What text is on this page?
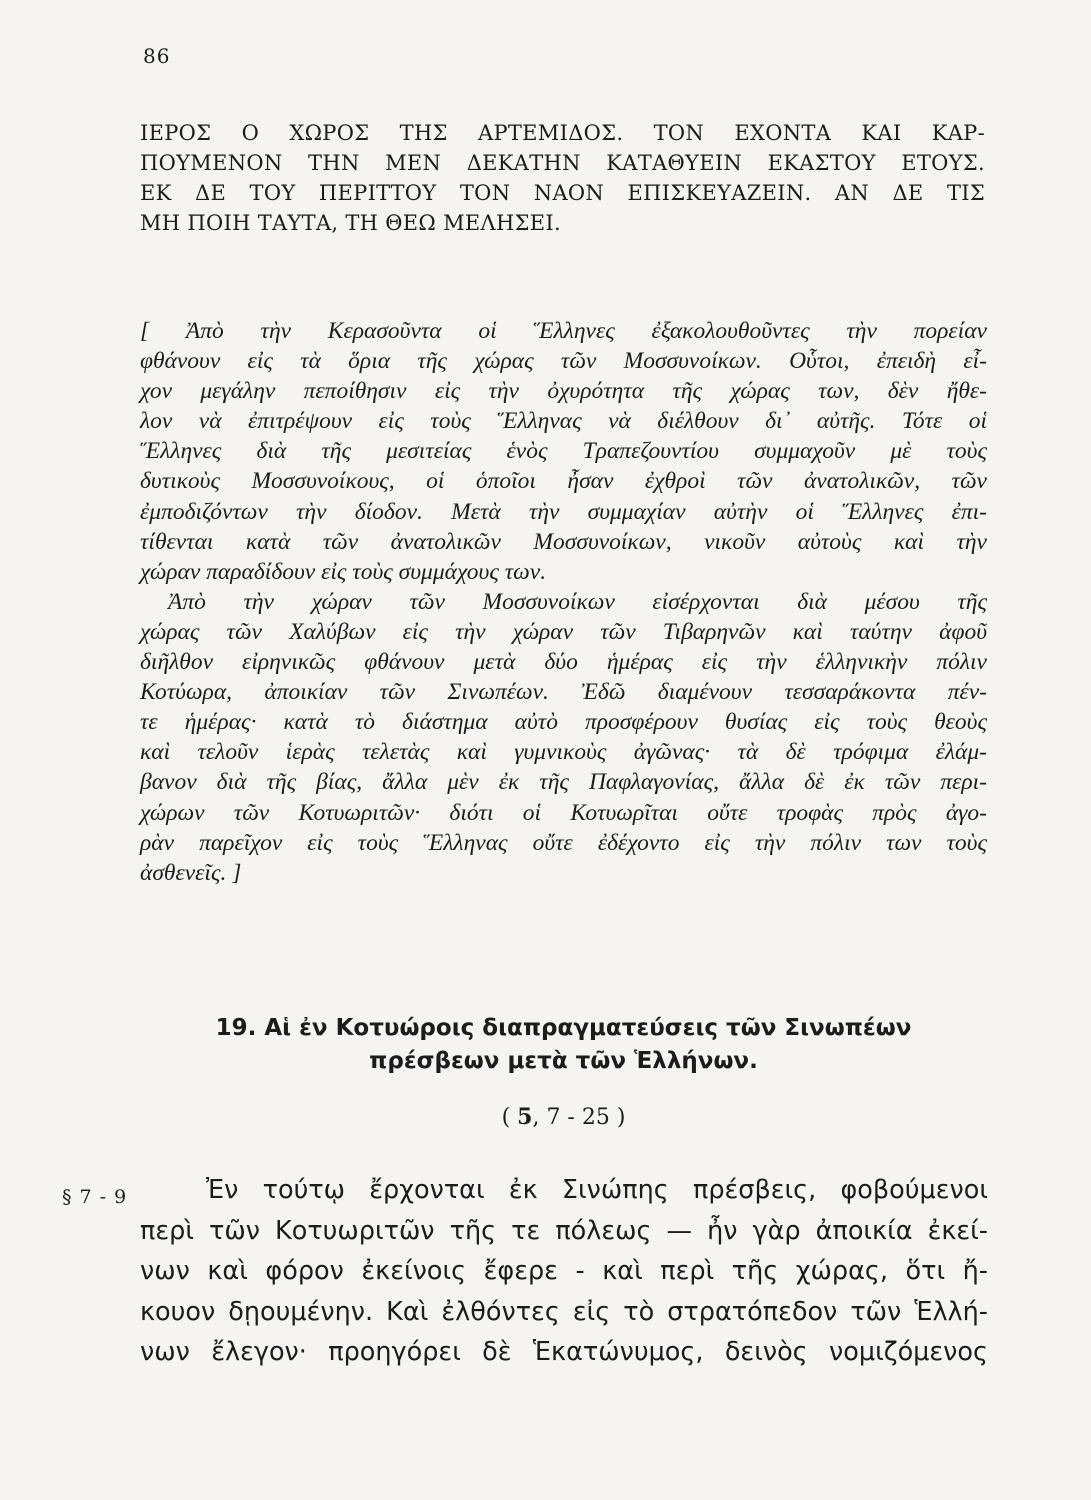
86
ΙΕΡΟΣ Ο ΧΩΡΟΣ ΤΗΣ ΑΡΤΕΜΙΔΟΣ. ΤΟΝ ΕΧΟΝΤΑ ΚΑΙ ΚΑΡ-
ΠΟΥΜΕΝΟΝ ΤΗΝ ΜΕΝ ΔΕΚΑΤΗΝ ΚΑΤΑΘΥΕΙΝ ΕΚΑΣΤΟΥ ΕΤΟΥΣ.
ΕΚ ΔΕ ΤΟΥ ΠΕΡΙΤΤΟΥ ΤΟΝ ΝΑΟΝ ΕΠΙΣΚΕΥΑΖΕΙΝ. ΑΝ ΔΕ ΤΙΣ
ΜΗ ΠΟΙΗ ΤΑΥΤΑ, ΤΗ ΘΕΩ ΜΕΛΗΣΕΙ.
[ Ἀπὸ τὴν Κερασοῦντα οἱ Ἕλληνες ἐξακολουθοῦντες τὴν πορείαν
φθάνουν εἰς τὰ ὅρια τῆς χώρας τῶν Μοσσυνοίκων. Οὗτοι, ἐπειδὴ εἶ-
χον μεγάλην πεποίθησιν εἰς τὴν ὀχυρότητα τῆς χώρας των, δὲν ἤθε-
λον νὰ ἐπιτρέψουν εἰς τοὺς Ἕλληνας νὰ διέλθουν δι᾽ αὐτῆς. Τότε οἱ
Ἕλληνες διὰ τῆς μεσιτείας ἑνὸς Τραπεζουντίου συμμαχοῦν μὲ τοὺς
δυτικοὺς Μοσσυνοίκους, οἱ ὁποῖοι ἦσαν ἐχθροὶ τῶν ἀνατολικῶν, τῶν
ἐμποδιζόντων τὴν δίοδον. Μετὰ τὴν συμμαχίαν αὐτὴν οἱ Ἕλληνες ἐπι-
τίθενται κατὰ τῶν ἀνατολικῶν Μοσσυνοίκων, νικοῦν αὐτοὺς καὶ τὴν
χώραν παραδίδουν εἰς τοὺς συμμάχους των.
Ἀπὸ τὴν χώραν τῶν Μοσσυνοίκων εἰσέρχονται διὰ μέσου τῆς
χώρας τῶν Χαλύβων εἰς τὴν χώραν τῶν Τιβαρηνῶν καὶ ταύτην ἀφοῦ
διῆλθον εἰρηνικῶς φθάνουν μετὰ δύο ἡμέρας εἰς τὴν ἑλληνικὴν πόλιν
Κοτύωρα, ἀποικίαν τῶν Σινωπέων. Ἐδῶ διαμένουν τεσσαράκοντα πέν-
τε ἡμέρας· κατὰ τὸ διάστημα αὐτὸ προσφέρουν θυσίας εἰς τοὺς θεοὺς
καὶ τελοῦν ἱερὰς τελετὰς καὶ γυμνικοὺς ἀγῶνας· τὰ δὲ τρόφιμα ἐλάμ-
βανον διὰ τῆς βίας, ἄλλα μὲν ἐκ τῆς Παφλαγονίας, ἄλλα δὲ ἐκ τῶν περι-
χώρων τῶν Κοτυωριτῶν· διότι οἱ Κοτυωρῖται οὔτε τροφὰς πρὸς ἀγο-
ρὰν παρεῖχον εἰς τοὺς Ἕλληνας οὔτε ἐδέχοντο εἰς τὴν πόλιν των τοὺς
ἀσθενεῖς. ]
19. Αἱ ἐν Κοτυώροις διαπραγματεύσεις τῶν Σινωπέων
πρέσβεων μετὰ τῶν Ἑλλήνων.
( 5, 7 - 25 )
§ 7 - 9	Ἐν τούτῳ ἔρχονται ἐκ Σινώπης πρέσβεις, φοβούμενοι
περὶ τῶν Κοτυωριτῶν τῆς τε πόλεως — ἦν γὰρ ἀποικία ἐκεί-
νων καὶ φόρον ἐκείνοις ἔφερε - καὶ περὶ τῆς χώρας, ὅτι ἤ-
κουον δῃουμένην. Καὶ ἐλθόντες εἰς τὸ στρατόπεδον τῶν Ἑλλή-
νων ἔλεγον· προηγόρει δὲ Ἑκατώνυμος, δεινὸς νομιζόμενος
